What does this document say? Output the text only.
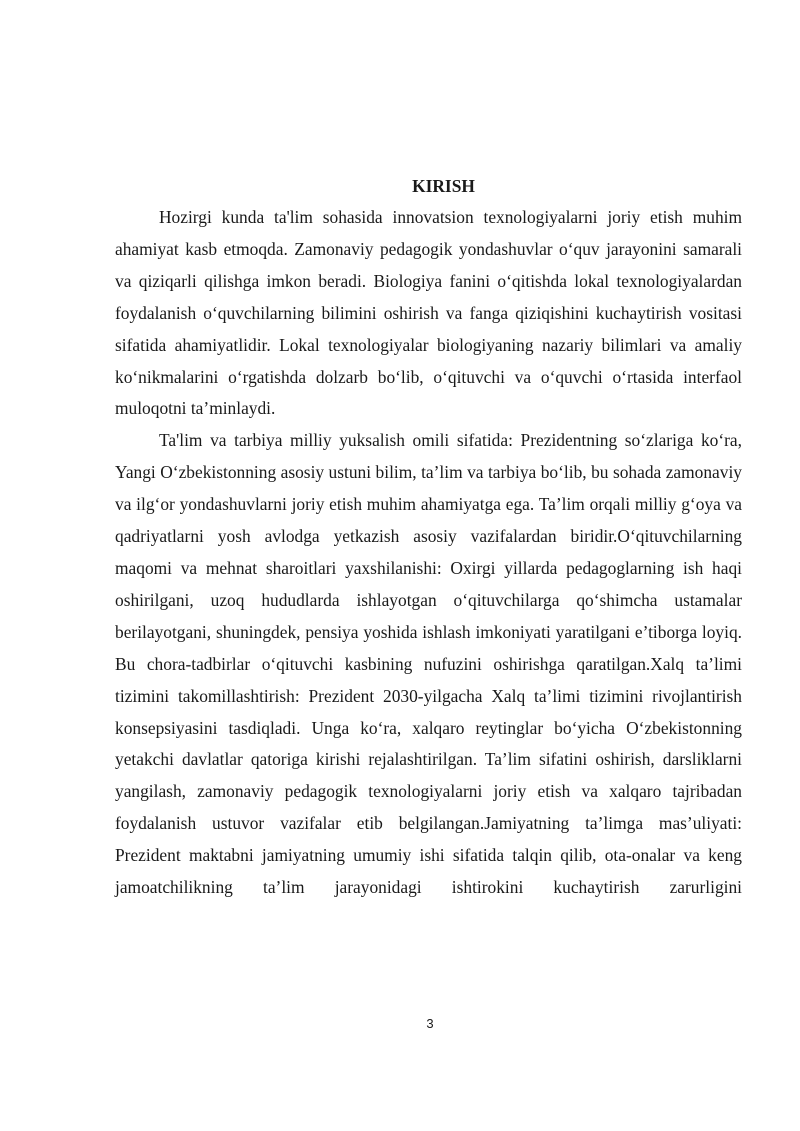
KIRISH

Hozirgi kunda ta'lim sohasida innovatsion texnologiyalarni joriy etish muhim ahamiyat kasb etmoqda. Zamonaviy pedagogik yondashuvlar o‘quv jarayonini samarali va qiziqarli qilishga imkon beradi. Biologiya fanini o‘qitishda lokal texnologiyalardan foydalanish o‘quvchilarning bilimini oshirish va fanga qiziqishini kuchaytirish vositasi sifatida ahamiyatlidir. Lokal texnologiyalar biologiyaning nazariy bilimlari va amaliy ko‘nikmalarini o‘rgatishda dolzarb bo‘lib, o‘qituvchi va o‘quvchi o‘rtasida interfaol muloqotni ta’minlaydi.

Ta'lim va tarbiya milliy yuksalish omili sifatida: Prezidentning so‘zlariga ko‘ra, Yangi O‘zbekistonning asosiy ustuni bilim, ta’lim va tarbiya bo‘lib, bu sohada zamonaviy va ilg‘or yondashuvlarni joriy etish muhim ahamiyatga ega. Ta’lim orqali milliy g‘oya va qadriyatlarni yosh avlodga yetkazish asosiy vazifalardan biridir.O‘qituvchilarning maqomi va mehnat sharoitlari yaxshilanishi: Oxirgi yillarda pedagoglarning ish haqi oshirilgani, uzoq hududlarda ishlayotgan o‘qituvchilarga qo‘shimcha ustamalar berilayotgani, shuningdek, pensiya yoshida ishlash imkoniyati yaratilgani e’tiborga loyiq. Bu chora-tadbirlar o‘qituvchi kasbining nufuzini oshirishga qaratilgan.Xalq ta’limi tizimini takomillashtirish: Prezident 2030-yilgacha Xalq ta’limi tizimini rivojlantirish konsepsiyasini tasdiqladi. Unga ko‘ra, xalqaro reytinglar bo‘yicha O‘zbekistonning yetakchi davlatlar qatoriga kirishi rejalashtirilgan. Ta’lim sifatini oshirish, darsliklarni yangilash, zamonaviy pedagogik texnologiyalarni joriy etish va xalqaro tajribadan foydalanish ustuvor vazifalar etib belgilangan.Jamiyatning ta’limga mas’uliyati: Prezident maktabni jamiyatning umumiy ishi sifatida talqin qilib, ota-onalar va keng jamoatchilikning ta’lim jarayonidagi ishtirokini kuchaytirish zarurligini

3
